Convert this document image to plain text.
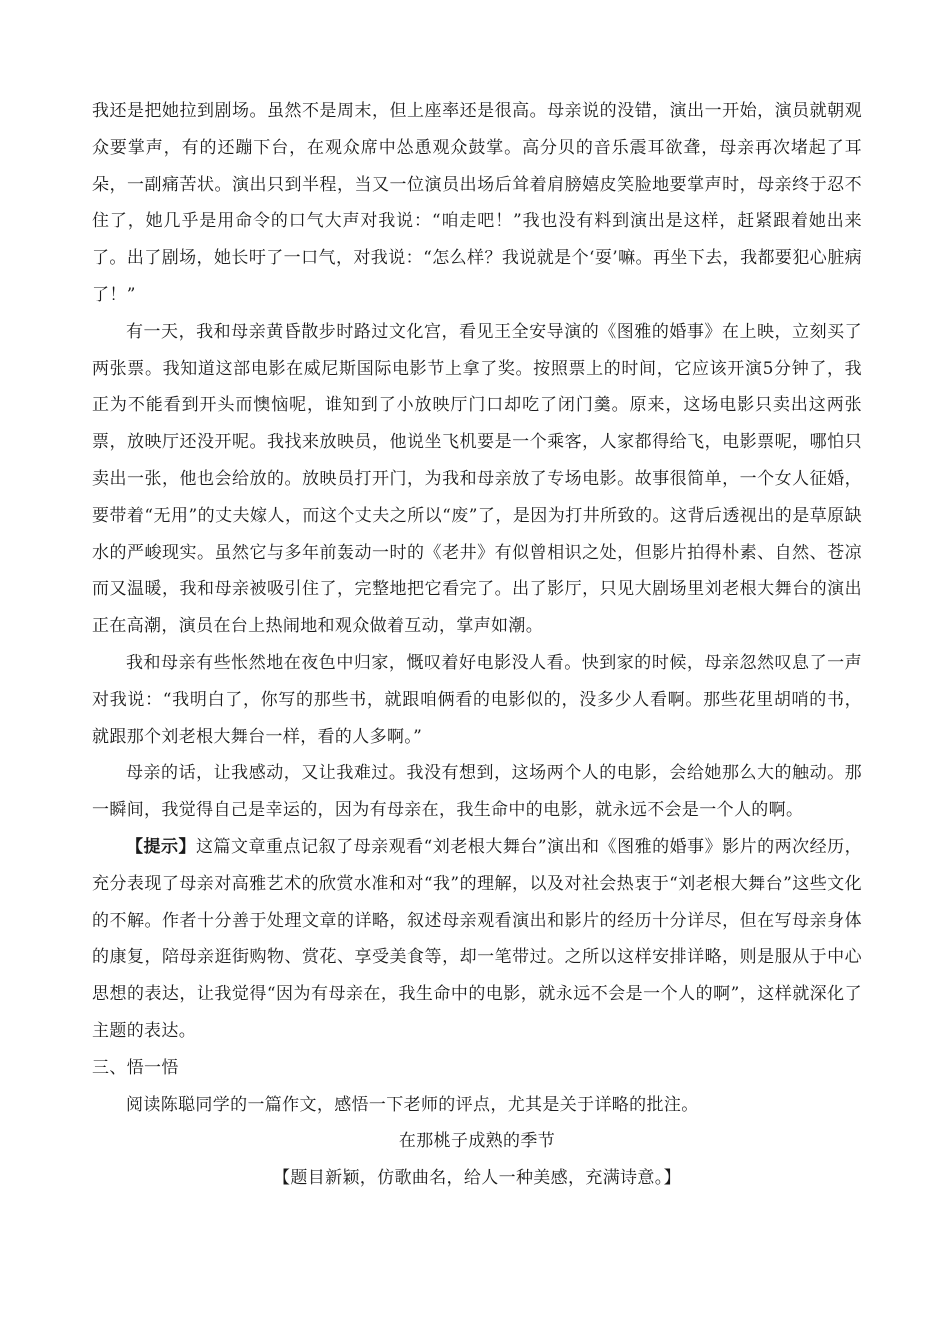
我还是把她拉到剧场。虽然不是周末，但上座率还是很高。母亲说的没错，演出一开始，演员就朝观众要掌声，有的还蹦下台，在观众席中怂恿观众鼓掌。高分贝的音乐震耳欲聋，母亲再次堵起了耳朵，一副痛苦状。演出只到半程，当又一位演员出场后耸着肩膀嬉皮笑脸地要掌声时，母亲终于忍不住了，她几乎是用命令的口气大声对我说：“咱走吧！”我也没有料到演出是这样，赶紧跟着她出来了。出了剧场，她长吁了一口气，对我说：“怎么样？我说就是个‘耍’嘛。再坐下去，我都要犯心脏病了！”

有一天，我和母亲黄昏散步时路过文化宫，看见王全安导演的《图雅的婚事》在上映，立刻买了两张票。我知道这部电影在威尼斯国际电影节上拿了奖。按照票上的时间，它应该开演5分钟了，我正为不能看到开头而懊恼呢，谁知到了小放映厅门口却吃了闭门羹。原来，这场电影只卖出这两张票，放映厅还没开呢。我找来放映员，他说坐飞机要是一个乘客，人家都得给飞，电影票呢，哪怕只卖出一张，他也会给放的。放映员打开门，为我和母亲放了专场电影。故事很简单，一个女人征婚，要带着“无用”的丈夫嫁人，而这个丈夫之所以“废”了，是因为打井所致的。这背后透视出的是草原缺水的严峻现实。虽然它与多年前轰动一时的《老井》有似曾相识之处，但影片拍得朴素、自然、苍凉而又温暖，我和母亲被吸引住了，完整地把它看完了。出了影厅，只见大剧场里刘老根大舞台的演出正在高潮，演员在台上热闹地和观众做着互动，掌声如潮。

我和母亲有些怅然地在夜色中归家，慨叹着好电影没人看。快到家的时候，母亲忽然叹息了一声对我说：“我明白了，你写的那些书，就跟咱俩看的电影似的，没多少人看啊。那些花里胡哨的书，就跟那个刘老根大舞台一样，看的人多啊。”

母亲的话，让我感动，又让我难过。我没有想到，这场两个人的电影，会给她那么大的触动。那一瞬间，我觉得自己是幸运的，因为有母亲在，我生命中的电影，就永远不会是一个人的啊。

【提示】这篇文章重点记叙了母亲观看“刘老根大舞台”演出和《图雅的婚事》影片的两次经历，充分表现了母亲对高雅艺术的欣赏水准和对“我”的理解，以及对社会热衷于“刘老根大舞台”这些文化的不解。作者十分善于处理文章的详略，叙述母亲观看演出和影片的经历十分详尽，但在写母亲身体的康复，陪母亲逛街购物、赏花、享受美食等，却一笔带过。之所以这样安排详略，则是服从于中心思想的表达，让我觉得“因为有母亲在，我生命中的电影，就永远不会是一个人的啊”，这样就深化了主题的表达。

三、悟一悟

阅读陈聪同学的一篇作文，感悟一下老师的评点，尤其是关于详略的批注。

在那桃子成熟的季节

【题目新颖，仿歌曲名，给人一种美感，充满诗意。】
